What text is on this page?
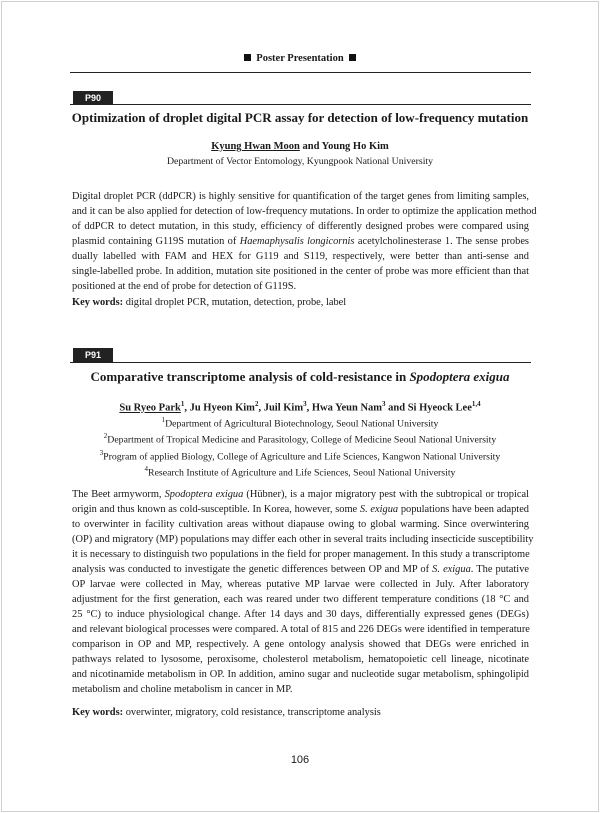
Poster Presentation
P90
Optimization of droplet digital PCR assay for detection of low-frequency mutation
Kyung Hwan Moon and Young Ho Kim
Department of Vector Entomology, Kyungpook National University
Digital droplet PCR (ddPCR) is highly sensitive for quantification of the target genes from limiting samples,
and it can be also applied for detection of low-frequency mutations. In order to optimize the application method
of ddPCR to detect mutation, in this study, efficiency of differently designed probes were compared using
plasmid containing G119S mutation of Haemaphysalis longicornis acetylcholinesterase 1. The sense probes
dually labelled with FAM and HEX for G119 and S119, respectively, were better than anti-sense and
single-labelled probe. In addition, mutation site positioned in the center of probe was more efficient than that
positioned at the end of probe for detection of G119S.
Key words: digital droplet PCR, mutation, detection, probe, label
P91
Comparative transcriptome analysis of cold-resistance in Spodoptera exigua
Su Ryeo Park$^1$, Ju Hyeon Kim$^2$, Juil Kim$^3$, Hwa Yeun Nam$^3$ and Si Hyeock Lee$^{1,4}$
$^1$Department of Agricultural Biotechnology, Seoul National University
$^2$Department of Tropical Medicine and Parasitology, College of Medicine Seoul National University
$^3$Program of applied Biology, College of Agriculture and Life Sciences, Kangwon National University
$^4$Research Institute of Agriculture and Life Sciences, Seoul National University
The Beet armyworm, Spodoptera exigua (Hübner), is a major migratory pest with the subtropical or tropical
origin and thus known as cold-susceptible. In Korea, however, some S. exigua populations have been adapted
to overwinter in facility cultivation areas without diapause owing to global warming. Since overwintering
(OP) and migratory (MP) populations may differ each other in several traits including insecticide susceptibility
it is necessary to distinguish two populations in the field for proper management. In this study a transcriptome
analysis was conducted to investigate the genetic differences between OP and MP of S. exigua. The putative
OP larvae were collected in May, whereas putative MP larvae were collected in July. After laboratory
adjustment for the first generation, each was reared under two different temperature conditions (18 °C and
25 °C) to induce physiological change. After 14 days and 30 days, differentially expressed genes (DEGs)
and relevant biological processes were compared. A total of 815 and 226 DEGs were identified in temperature
comparison in OP and MP, respectively. A gene ontology analysis showed that DEGs were enriched in
pathways related to lysosome, peroxisome, cholesterol metabolism, hematopoietic cell lineage, nicotinate
and nicotinamide metabolism in OP. In addition, amino sugar and nucleotide sugar metabolism, sphingolipid
metabolism and choline metabolism in cancer in MP.
Key words: overwinter, migratory, cold resistance, transcriptome analysis
106
